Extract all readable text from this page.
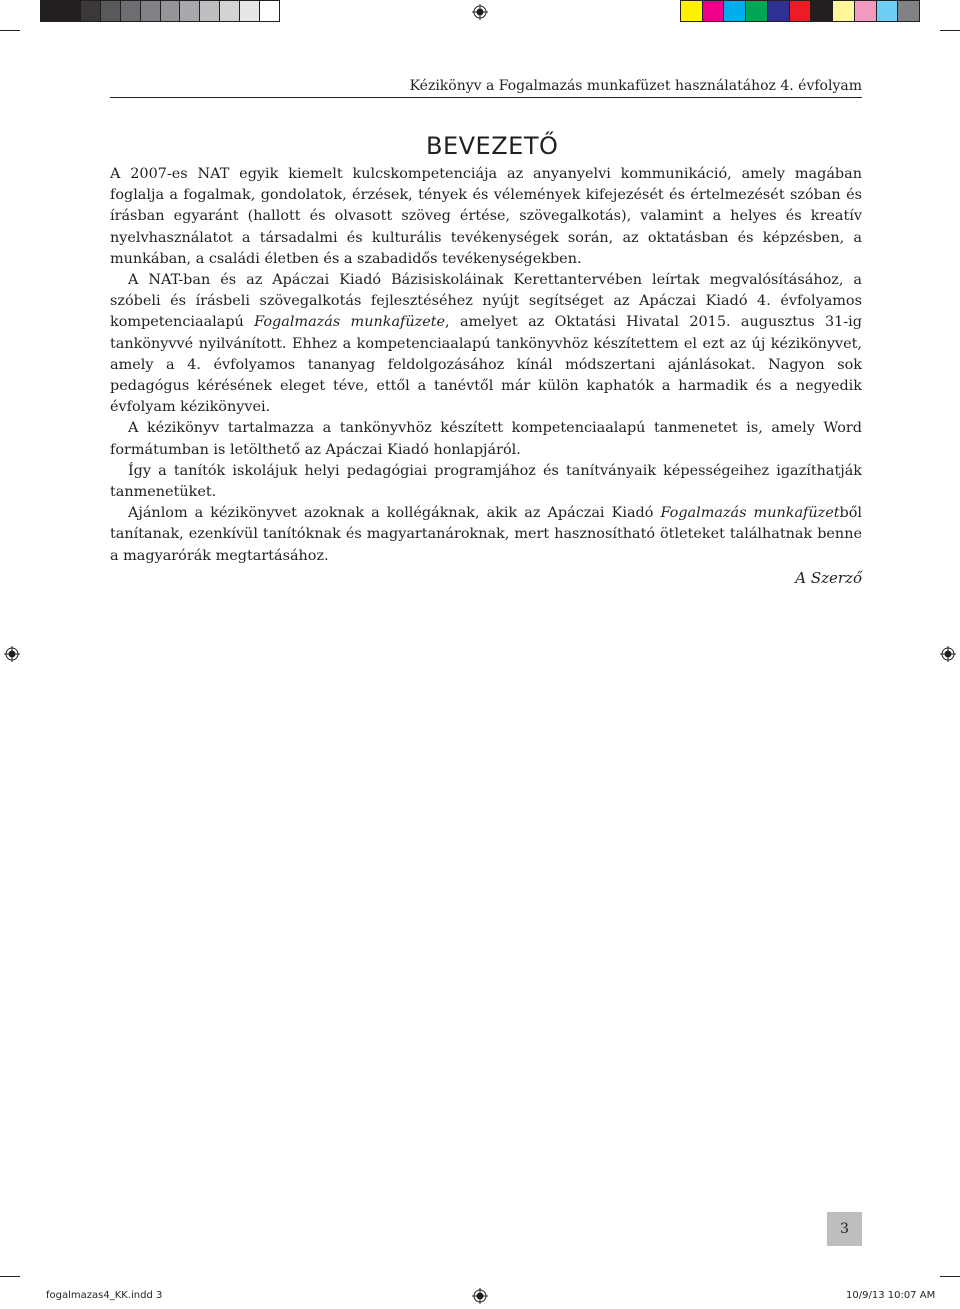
Kézikönyv a Fogalmazás munkafüzet használatához 4. évfolyam
BEVEZETŐ

A 2007-es NAT egyik kiemelt kulcskompetenciája az anyanyelvi kommunikáció, amely magában foglalja a fogalmak, gondolatok, érzések, tények és vélemények kifejezését és értelmezését szóban és írásban egyaránt (hallott és olvasott szöveg értése, szövegalkotás), valamint a helyes és kreatív nyelvhasználatot a társadalmi és kulturális tevékenységek során, az oktatásban és képzésben, a munkában, a családi életben és a szabadidős tevékenységekben.

A NAT-ban és az Apáczai Kiadó Bázisiskoláinak Kerettantervében leírtak megvalósításához, a szóbeli és írásbeli szövegalkotás fejlesztéséhez nyújt segítséget az Apáczai Kiadó 4. évfolyamos kompetenciaalapú Fogalmazás munkafüzete, amelyet az Oktatási Hivatal 2015. augusztus 31-ig tankönyvvé nyilvánított. Ehhez a kompetenciaalapú tankönyvhöz készítettem el ezt az új kézikönyvet, amely a 4. évfolyamos tananyag feldolgozásához kínál módszertani ajánlásokat. Nagyon sok pedagógus kérésének eleget téve, ettől a tanévtől már külön kaphatók a harmadik és a negyedik évfolyam kézikönyvei.

A kézikönyv tartalmazza a tankönyvhöz készített kompetenciaalapú tanmenetet is, amely Word formátumban is letölthető az Apáczai Kiadó honlapjáról.

Így a tanítók iskolájuk helyi pedagógiai programjához és tanítványaik képességeihez igazíthatják tanmenetüket.

Ajánlom a kézikönyvet azoknak a kollégáknak, akik az Apáczai Kiadó Fogalmazás munkafüzetből tanítanak, ezenkívül tanítóknak és magyartanároknak, mert hasznosítható ötleteket találhatnak benne a magyarórák megtartásához.

A Szerző
3
fogalmazas4_KK.indd 3	10/9/13 10:07 AM
